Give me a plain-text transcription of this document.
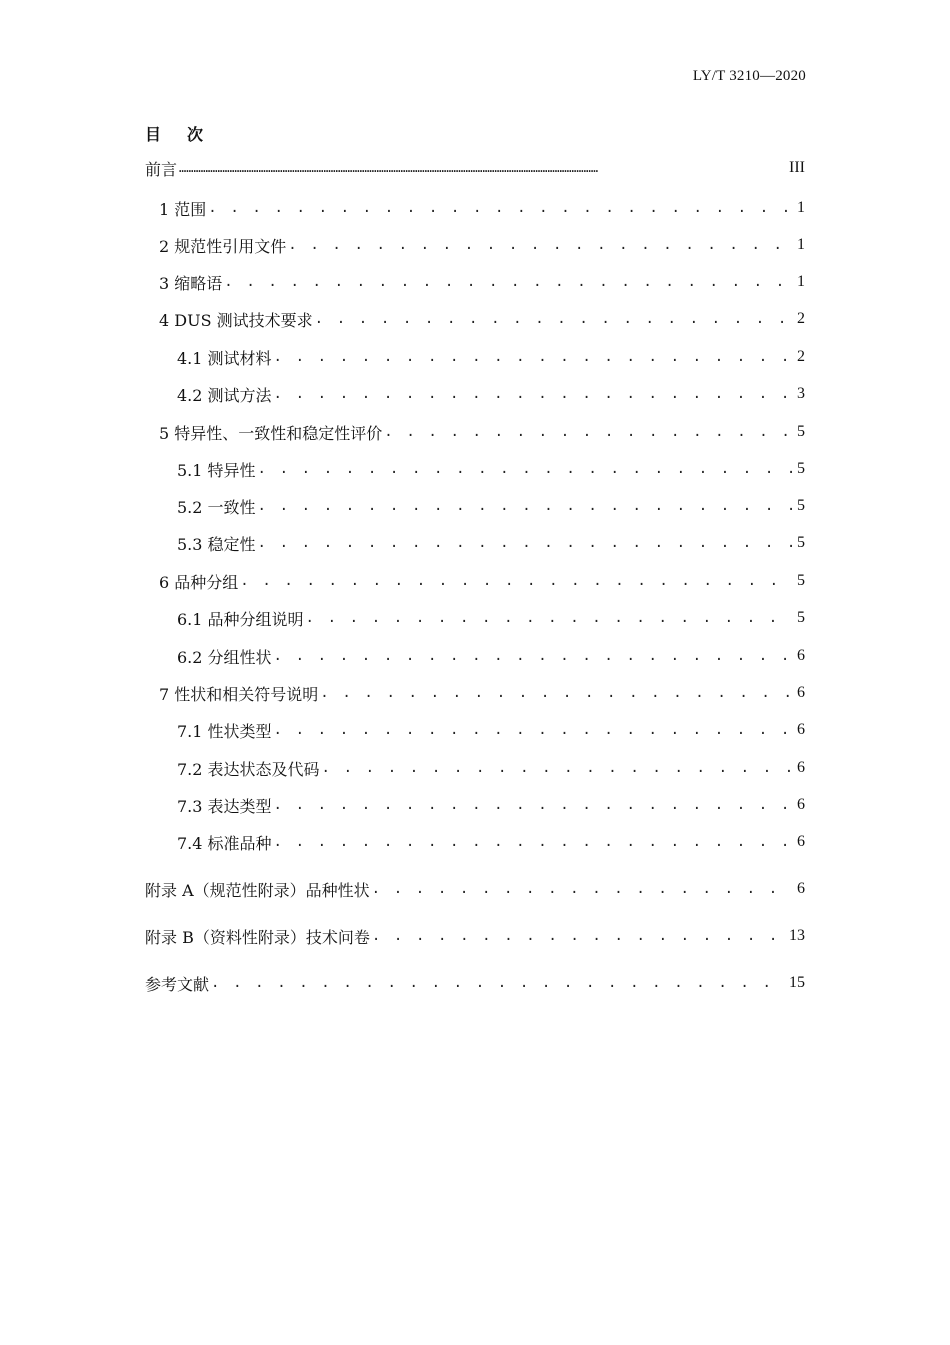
LY/T 3210—2020
目 次
前言 …………………………………………………………………………………………………………………………………………………………	III
1 范围 . . .	1
2 规范性引用文件 . . .	1
3 缩略语 . . .	1
4 DUS 测试技术要求 . . .	2
4.1 测试材料 . . .	2
4.2 测试方法 . . .	3
5 特异性、一致性和稳定性评价 . . .	5
5.1 特异性 . . .	5
5.2 一致性 . . .	5
5.3 稳定性 . . .	5
6 品种分组 . . .	5
6.1 品种分组说明 . . .	5
6.2 分组性状 . . .	6
7 性状和相关符号说明 . . .	6
7.1 性状类型 . . .	6
7.2 表达状态及代码 . . .	6
7.3 表达类型 . . .	6
7.4 标准品种 . . .	6
附录 A（规范性附录）品种性状 . . .	6
附录 B（资料性附录）技术问卷 . . .	13
参考文献 . . .	15
